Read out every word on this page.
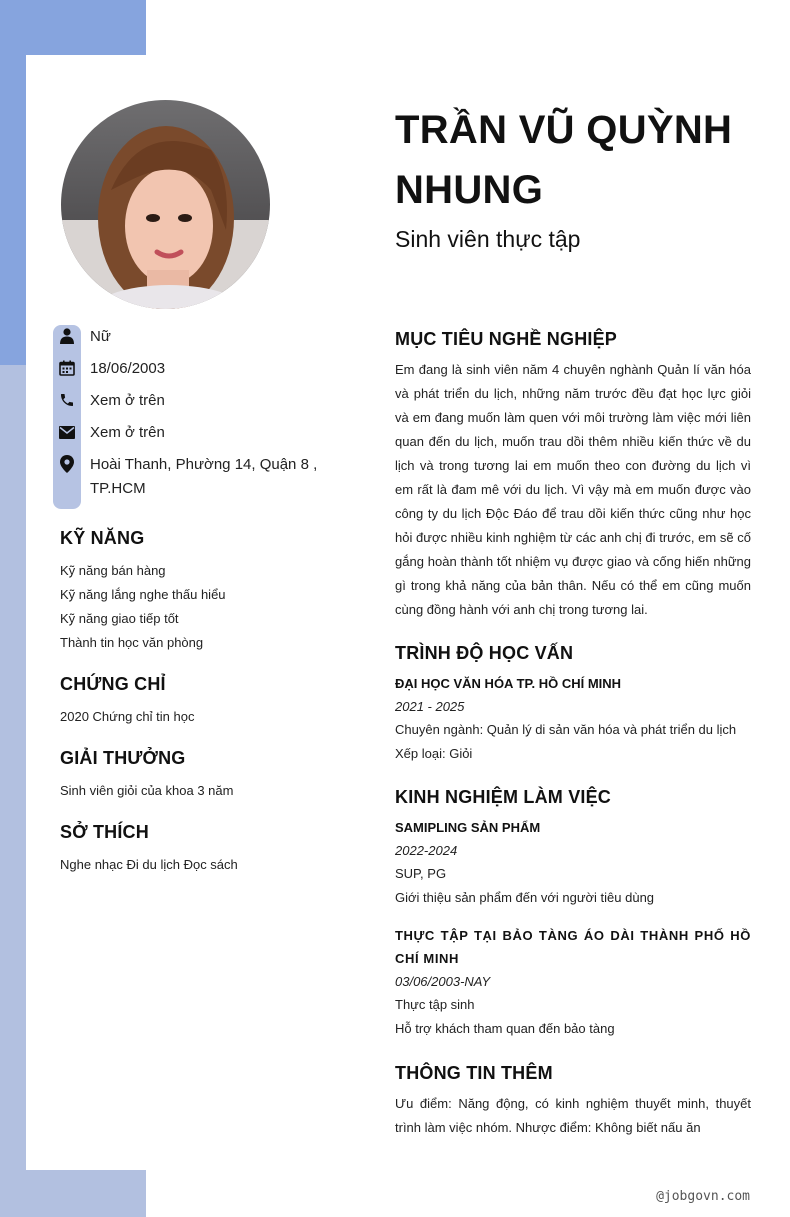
Nữ
18/06/2003
Xem ở trên
Xem ở trên
Hoài Thanh, Phường 14, Quận 8 , TP.HCM
KỸ NĂNG
Kỹ năng bán hàng
Kỹ năng lắng nghe thấu hiểu
Kỹ năng giao tiếp tốt
Thành tin học văn phòng
CHỨNG CHỈ
2020 Chứng chỉ tin học
GIẢI THƯỞNG
Sinh viên giỏi của khoa 3 năm
SỞ THÍCH
Nghe nhạc Đi du lịch Đọc sách
TRẦN VŨ QUỲNH NHUNG
Sinh viên thực tập
MỤC TIÊU NGHỀ NGHIỆP

Em đang là sinh viên năm 4 chuyên nghành Quản lí văn hóa và phát triển du lịch, những năm trước đều đạt học lực giỏi và em đang muốn làm quen với môi trường làm việc mới liên quan đến du lịch, muốn trau dồi thêm nhiều kiến thức về du lịch và trong tương lai em muốn theo con đường du lịch vì em rất là đam mê với du lịch. Vì vậy mà em muốn được vào công ty du lịch Độc Đáo để trau dồi kiến thức cũng như học hỏi được nhiều kinh nghiệm từ các anh chị đi trước, em sẽ cố gắng hoàn thành tốt nhiệm vụ được giao và cống hiến những gì trong khả năng của bản thân. Nếu có thể em cũng muốn cùng đồng hành với anh chị trong tương lai.

TRÌNH ĐỘ HỌC VẤN
ĐẠI HỌC VĂN HÓA TP. HỒ CHÍ MINH
2021 - 2025
Chuyên ngành: Quản lý di sản văn hóa và phát triển du lịch
Xếp loại: Giỏi
KINH NGHIỆM LÀM VIỆC
SAMIPLING SẢN PHẨM
2022-2024
SUP, PG
Giới thiệu sản phẩm đến với người tiêu dùng
THỰC TẬP TẠI BẢO TÀNG ÁO DÀI THÀNH PHỐ HỒ CHÍ MINH
03/06/2003-NAY
Thực tập sinh
Hỗ trợ khách tham quan đến bảo tàng
THÔNG TIN THÊM

Ưu điểm: Năng động, có kinh nghiệm thuyết minh, thuyết trình làm việc nhóm. Nhược điểm: Không biết nấu ăn

@jobgovn.com
